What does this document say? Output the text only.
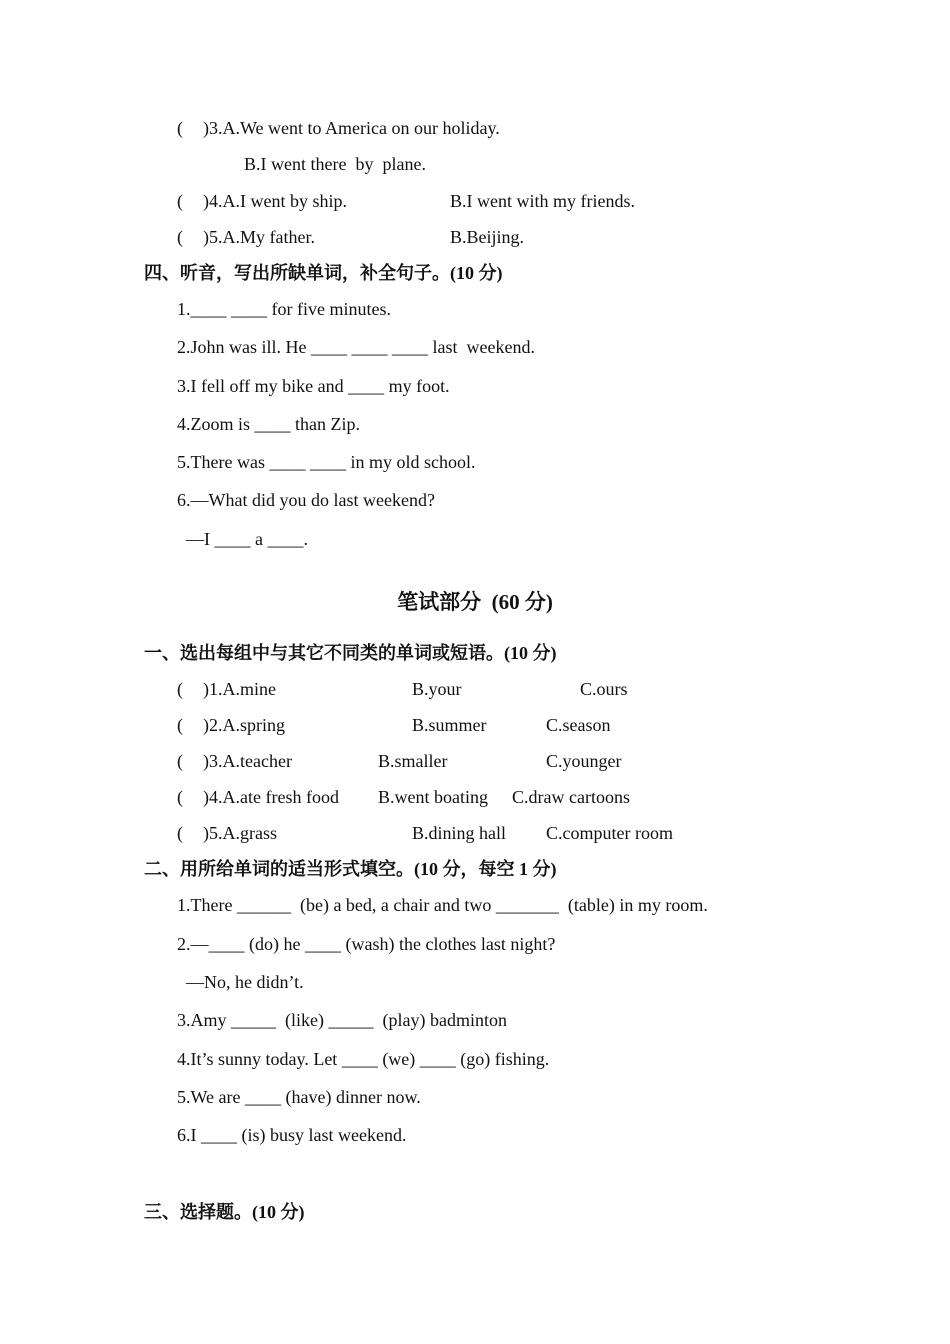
( )3.A.We went to America on our holiday.
B.I went there  by  plane.
( )4.A.I went by ship.	B.I went with my friends.
( )5.A.My father.	B.Beijing.
四、听音，写出所缺单词，补全句子。(10 分)
1.____ ____ for five minutes.
2.John was ill. He ____ ____ ____ last  weekend.
3.I fell off my bike and ____ my foot.
4.Zoom is ____ than Zip.
5.There was ____ ____ in my old school.
6.—What did you do last weekend?
—I ____ a ____.
笔试部分  (60 分)
一、选出每组中与其它不同类的单词或短语。(10 分)
( )1.A.mine	B.your	C.ours
( )2.A.spring	B.summer	C.season
( )3.A.teacher	B.smaller	C.younger
( )4.A.ate fresh food B.went boating C.draw cartoons
( )5.A.grass	B.dining hall C.computer room
二、用所给单词的适当形式填空。(10 分，每空 1 分)
1.There ______  (be) a bed, a chair and two _______  (table) in my room.
2.—____ (do) he ____ (wash) the clothes last night?
—No, he didn’t.
3.Amy _____  (like) _____  (play) badminton
4.It’s sunny today. Let ____ (we) ____ (go) fishing.
5.We are ____ (have) dinner now.
6.I ____ (is) busy last weekend.
三、选择题。(10 分)
